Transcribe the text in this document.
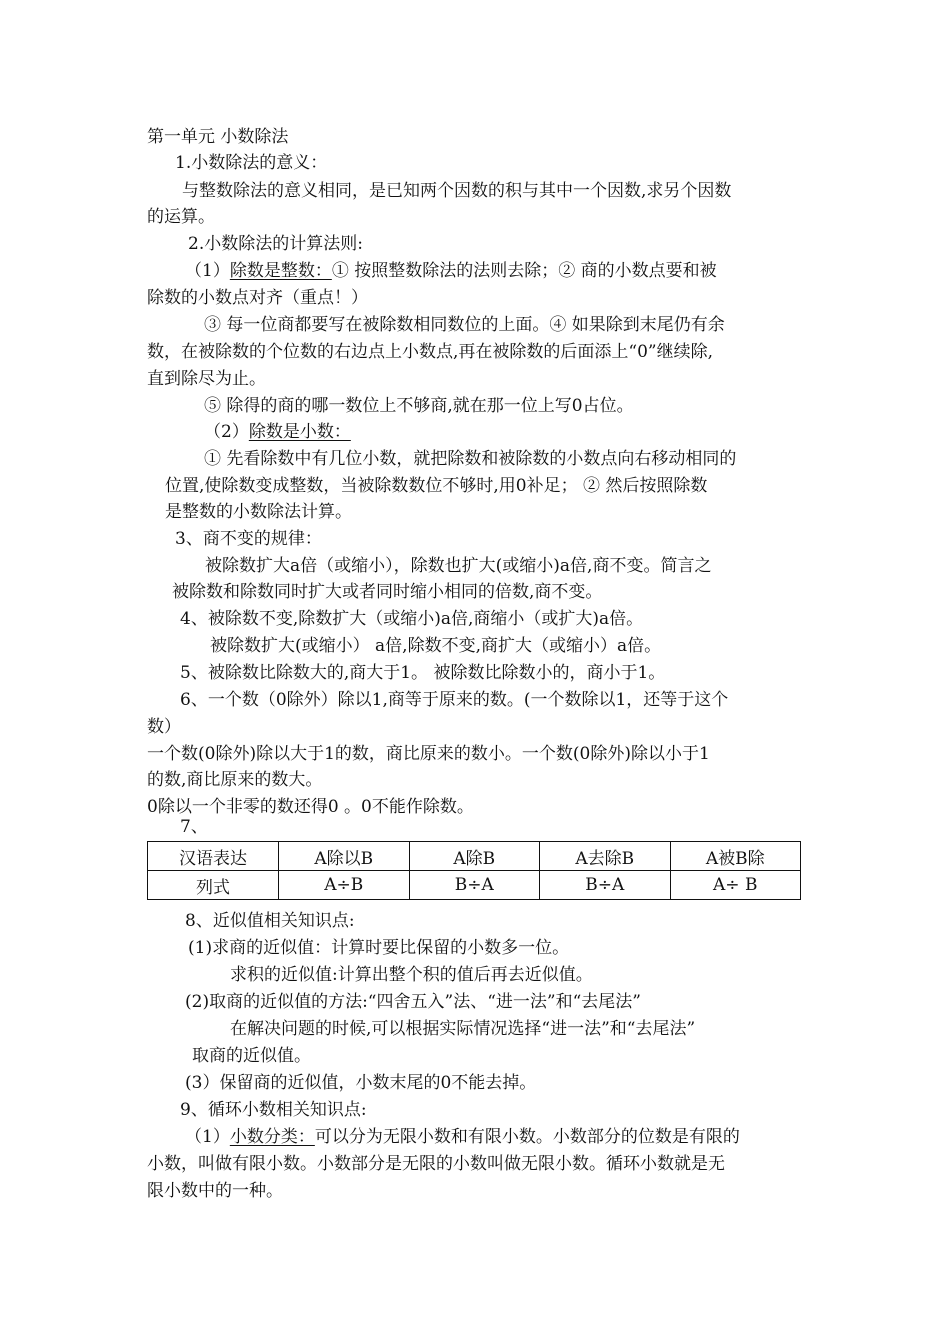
第一单元 小数除法
1.小数除法的意义：
与整数除法的意义相同，是已知两个因数的积与其中一个因数,求另个因数
的运算。
2.小数除法的计算法则:
（1）除数是整数：① 按照整数除法的法则去除；② 商的小数点要和被
除数的小数点对齐（重点！）
③ 每一位商都要写在被除数相同数位的上面。④ 如果除到末尾仍有余
数，在被除数的个位数的右边点上小数点,再在被除数的后面添上“0”继续除,
直到除尽为止。
⑤ 除得的商的哪一数位上不够商,就在那一位上写0占位。
（2）除数是小数：
① 先看除数中有几位小数，就把除数和被除数的小数点向右移动相同的
位置,使除数变成整数，当被除数数位不够时,用0补足； ② 然后按照除数
是整数的小数除法计算。
3、商不变的规律：
被除数扩大a倍（或缩小），除数也扩大(或缩小)a倍,商不变。简言之
被除数和除数同时扩大或者同时缩小相同的倍数,商不变。
4、被除数不变,除数扩大（或缩小)a倍,商缩小（或扩大)a倍。
被除数扩大(或缩小） a倍,除数不变,商扩大（或缩小）a倍。
5、被除数比除数大的,商大于1。 被除数比除数小的，商小于1。
6、一个数（0除外）除以1,商等于原来的数。(一个数除以1，还等于这个
数）
一个数(0除外)除以大于1的数，商比原来的数小。一个数(0除外)除以小于1
的数,商比原来的数大。
0除以一个非零的数还得0 。0不能作除数。
7、
汉语表达	A除以B	A除B	A去除B	A被B除
列式	A÷B	B÷A	B÷A	A÷ B
8、近似值相关知识点:
(1)求商的近似值：计算时要比保留的小数多一位。
求积的近似值:计算出整个积的值后再去近似值。
(2)取商的近似值的方法:“四舍五入”法、“进一法”和“去尾法”
在解决问题的时候,可以根据实际情况选择“进一法”和“去尾法”
取商的近似值。
(3）保留商的近似值，小数末尾的0不能去掉。
9、循环小数相关知识点:
（1）小数分类：可以分为无限小数和有限小数。小数部分的位数是有限的
小数，叫做有限小数。小数部分是无限的小数叫做无限小数。循环小数就是无
限小数中的一种。
